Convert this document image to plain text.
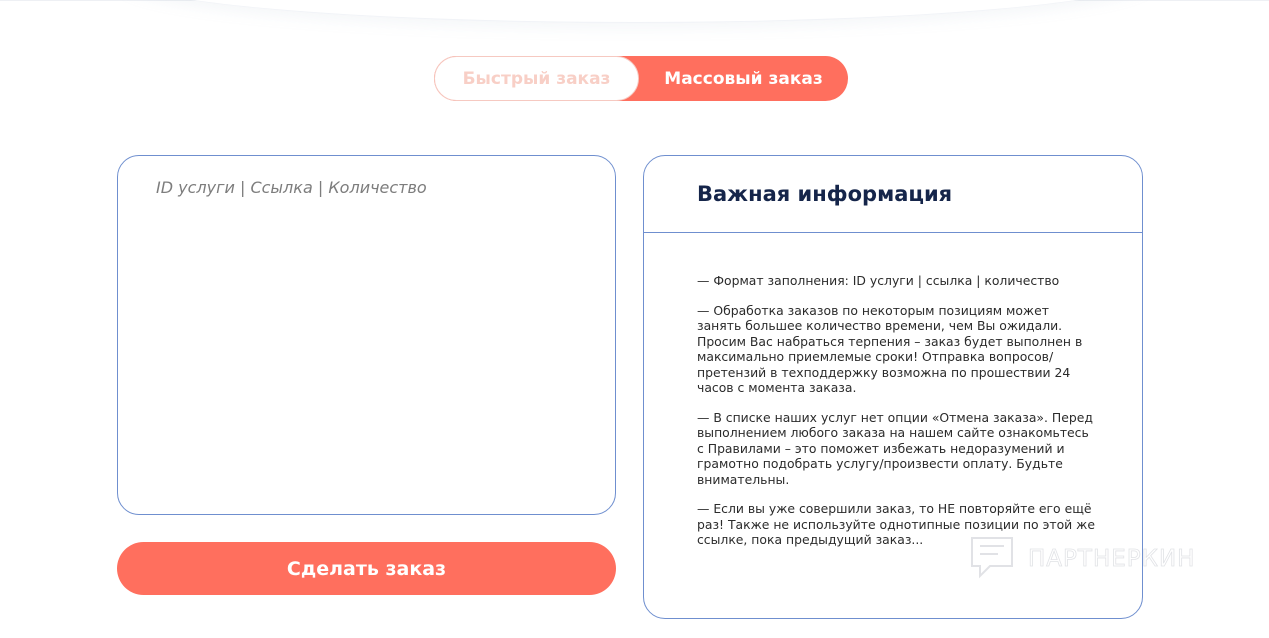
Быстрый заказ	Массовый заказ
ID услуги | Ссылка | Количество
Сделать заказ
Важная информация

— Формат заполнения: ID услуги | ссылка | количество

— Обработка заказов по некоторым позициям может занять большее количество времени, чем Вы ожидали. Просим Вас набраться терпения – заказ будет выполнен в максимально приемлемые сроки! Отправка вопросов/претензий в техподдержку возможна по прошествии 24 часов с момента заказа.

— В списке наших услуг нет опции «Отмена заказа». Перед выполнением любого заказа на нашем сайте ознакомьтесь с Правилами – это поможет избежать недоразумений и грамотно подобрать услугу/произвести оплату. Будьте внимательны.

— Если вы уже совершили заказ, то НЕ повторяйте его ещё раз! Также не используйте однотипные позиции по этой же ссылке, пока предыдущий заказ...

ПАРТНЕРКИН
